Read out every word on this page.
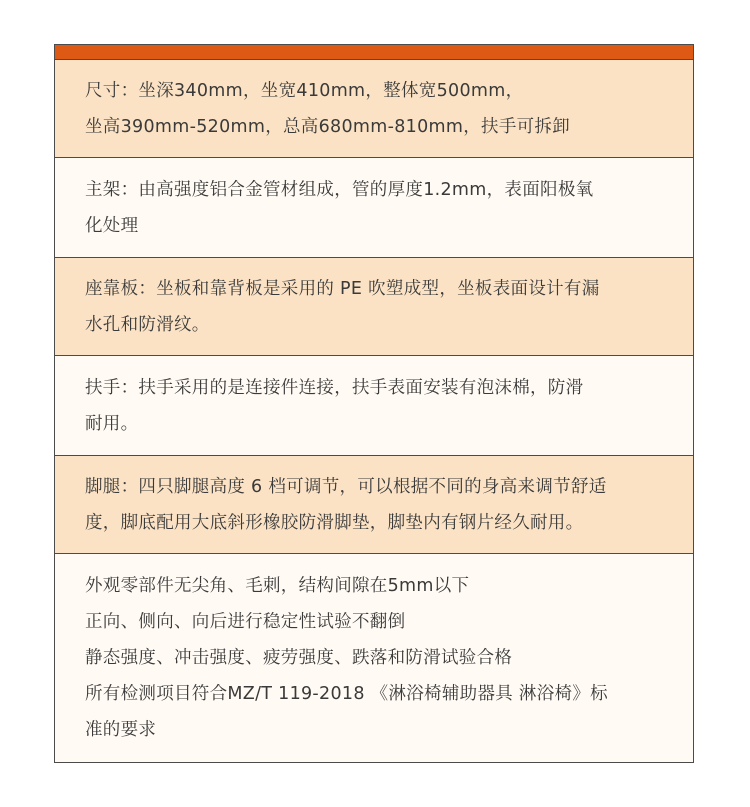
尺寸：坐深340mm，坐宽410mm，整体宽500mm，
坐高390mm-520mm，总高680mm-810mm，扶手可拆卸
主架：由高强度铝合金管材组成，管的厚度1.2mm，表面阳极氧
化处理
座靠板：坐板和靠背板是采用的 PE 吹塑成型，坐板表面设计有漏
水孔和防滑纹。
扶手：扶手采用的是连接件连接，扶手表面安装有泡沫棉，防滑
耐用。
脚腿：四只脚腿高度 6 档可调节，可以根据不同的身高来调节舒适
度，脚底配用大底斜形橡胶防滑脚垫，脚垫内有钢片经久耐用。
外观零部件无尖角、毛刺，结构间隙在5mm以下
正向、侧向、向后进行稳定性试验不翻倒
静态强度、冲击强度、疲劳强度、跌落和防滑试验合格
所有检测项目符合MZ/T 119-2018 《淋浴椅辅助器具 淋浴椅》标
准的要求
